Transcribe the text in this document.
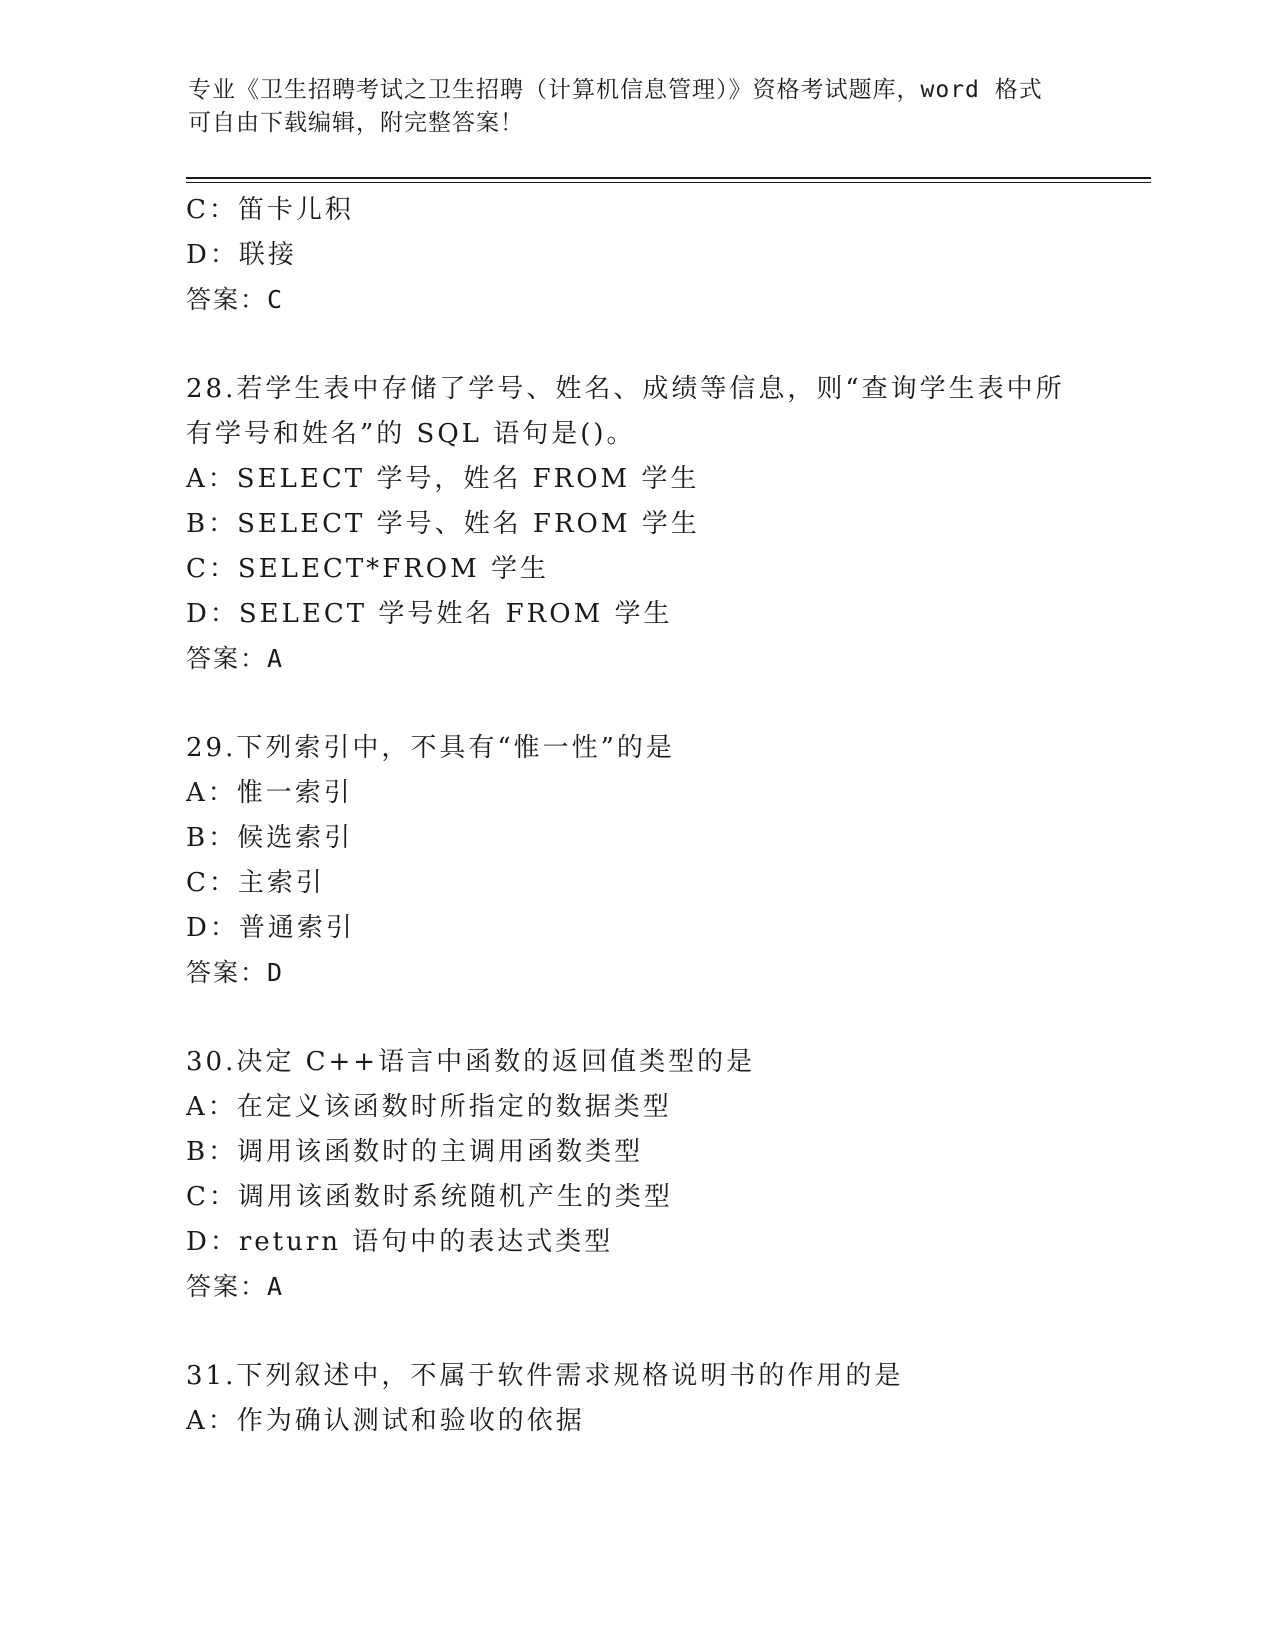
专业《卫生招聘考试之卫生招聘（计算机信息管理）》资格考试题库，word 格式
可自由下载编辑，附完整答案！
C：笛卡儿积
D：联接
答案：C
28.若学生表中存储了学号、姓名、成绩等信息，则“查询学生表中所
有学号和姓名”的 SQL 语句是()。
A：SELECT 学号，姓名 FROM 学生
B：SELECT 学号、姓名 FROM 学生
C：SELECT*FROM 学生
D：SELECT 学号姓名 FROM 学生
答案：A
29.下列索引中，不具有“惟一性”的是
A：惟一索引
B：候选索引
C：主索引
D：普通索引
答案：D
30.决定 C++语言中函数的返回值类型的是
A：在定义该函数时所指定的数据类型
B：调用该函数时的主调用函数类型
C：调用该函数时系统随机产生的类型
D：return 语句中的表达式类型
答案：A
31.下列叙述中，不属于软件需求规格说明书的作用的是
A：作为确认测试和验收的依据
